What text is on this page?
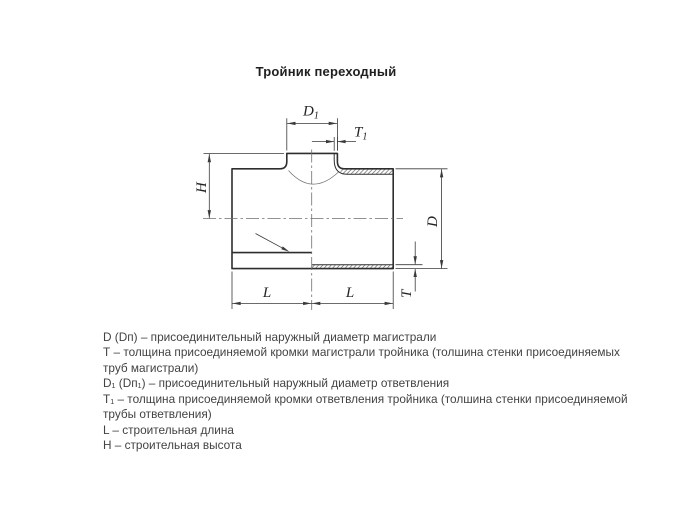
Тройник переходный
$D_1$
$T_1$
H
D
T
L	L
D (Dп) – присоединительный наружный диаметр магистрали
Т – толщина присоединяемой кромки магистрали тройника (толшина стенки присоединяемых
труб магистрали)
D₁ (Dп₁) – присоединительный наружный диаметр ответвления
Т₁ – толщина присоединяемой кромки ответвления тройника (толшина стенки присоединяемой
трубы ответвления)
L – строительная длина
Н – строительная высота
